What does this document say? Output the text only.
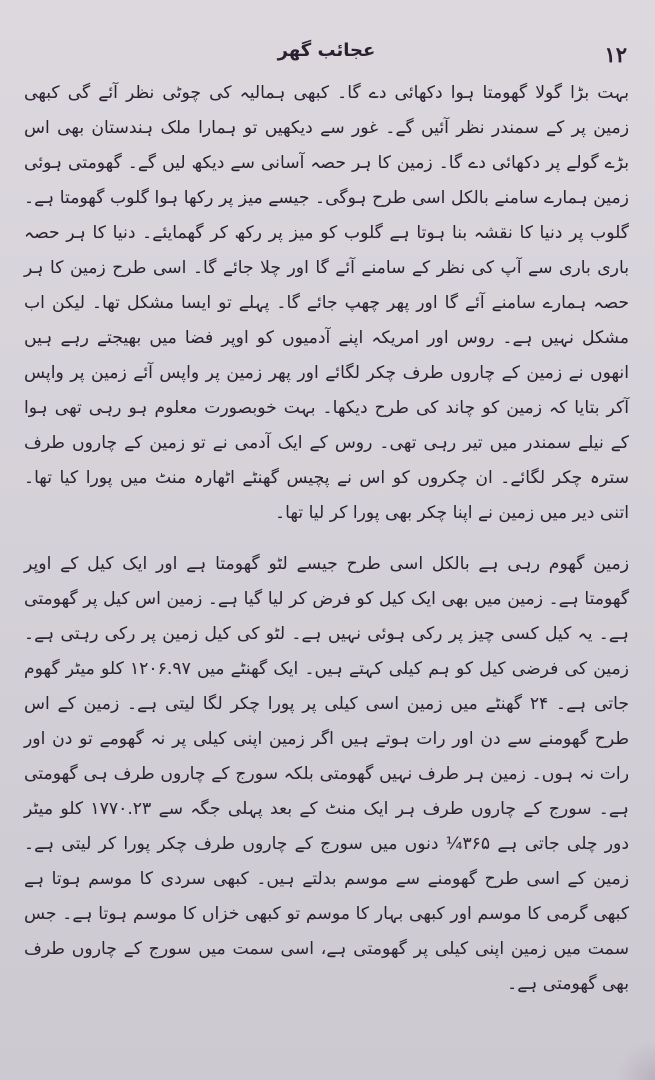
عجائب گھر	۱۲

بہت بڑا گولا گھومتا ہوا دکھائی دے گا۔ کبھی ہمالیہ کی چوٹی نظر آئے گی کبھی زمین پر کے سمندر نظر آئیں گے۔ غور سے دیکھیں تو ہمارا ملک ہندستان بھی اس بڑے گولے پر دکھائی دے گا۔ زمین کا ہر حصہ آسانی سے دیکھ لیں گے۔ گھومتی ہوئی زمین ہمارے سامنے بالکل اسی طرح ہوگی۔ جیسے میز پر رکھا ہوا گلوب گھومتا ہے۔ گلوب پر دنیا کا نقشہ بنا ہوتا ہے گلوب کو میز پر رکھ کر گھمایئے۔ دنیا کا ہر حصہ باری باری سے آپ کی نظر کے سامنے آئے گا اور چلا جائے گا۔ اسی طرح زمین کا ہر حصہ ہمارے سامنے آئے گا اور پھر چھپ جائے گا۔ پہلے تو ایسا مشکل تھا۔ لیکن اب مشکل نہیں ہے۔ روس اور امریکہ اپنے آدمیوں کو اوپر فضا میں بھیجتے رہے ہیں انھوں نے زمین کے چاروں طرف چکر لگائے اور پھر زمین پر واپس آئے زمین پر واپس آکر بتایا کہ زمین کو چاند کی طرح دیکھا۔ بہت خوبصورت معلوم ہو رہی تھی ہوا کے نیلے سمندر میں تیر رہی تھی۔ روس کے ایک آدمی نے تو زمین کے چاروں طرف سترہ چکر لگائے۔ ان چکروں کو اس نے پچیس گھنٹے اٹھارہ منٹ میں پورا کیا تھا۔ اتنی دیر میں زمین نے اپنا چکر بھی پورا کر لیا تھا۔

زمین گھوم رہی ہے بالکل اسی طرح جیسے لٹو گھومتا ہے اور ایک کیل کے اوپر گھومتا ہے۔ زمین میں بھی ایک کیل کو فرض کر لیا گیا ہے۔ زمین اس کیل پر گھومتی ہے۔ یہ کیل کسی چیز پر رکی ہوئی نہیں ہے۔ لٹو کی کیل زمین پر رکی رہتی ہے۔ زمین کی فرضی کیل کو ہم کیلی کہتے ہیں۔ ایک گھنٹے میں ۱۲۰۶.۹۷ کلو میٹر گھوم جاتی ہے۔ ۲۴ گھنٹے میں زمین اسی کیلی پر پورا چکر لگا لیتی ہے۔ زمین کے اس طرح گھومنے سے دن اور رات ہوتے ہیں اگر زمین اپنی کیلی پر نہ گھومے تو دن اور رات نہ ہوں۔ زمین ہر طرف نہیں گھومتی بلکہ سورج کے چاروں طرف ہی گھومتی ہے۔ سورج کے چاروں طرف ہر ایک منٹ کے بعد پہلی جگہ سے ۱۷۷۰.۲۳ کلو میٹر دور چلی جاتی ہے ۳۶۵¼ دنوں میں سورج کے چاروں طرف چکر پورا کر لیتی ہے۔ زمین کے اسی طرح گھومنے سے موسم بدلتے ہیں۔ کبھی سردی کا موسم ہوتا ہے کبھی گرمی کا موسم اور کبھی بہار کا موسم تو کبھی خزاں کا موسم ہوتا ہے۔ جس سمت میں زمین اپنی کیلی پر گھومتی ہے، اسی سمت میں سورج کے چاروں طرف بھی گھومتی ہے۔
